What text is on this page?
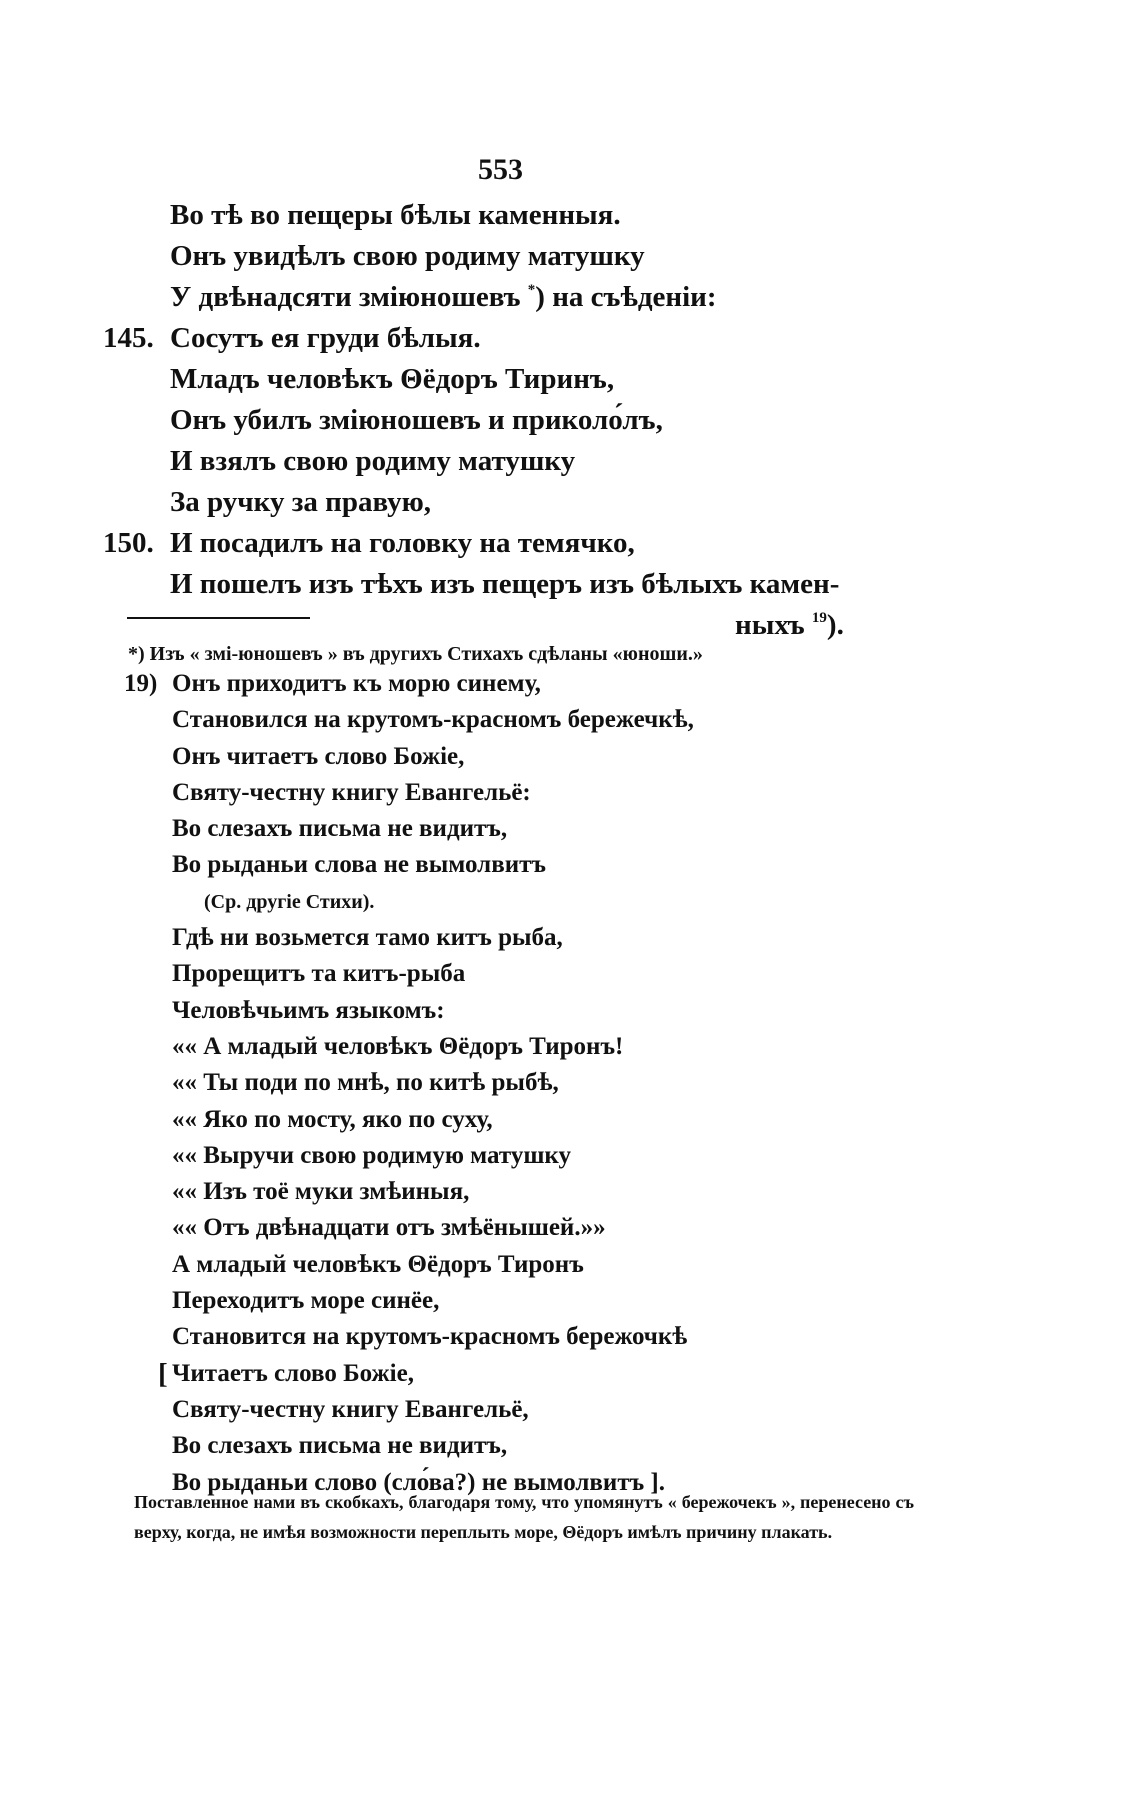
553
Во тѣ во пещеры бѣлы каменныя.
Онъ увидѣлъ свою родиму матушку
У двѣнадсяти змiюношевъ *) на съѣденiи:
145. Сосутъ ея груди бѣлыя.
Младъ человѣкъ Θёдоръ Тиринъ,
Онъ убилъ змiюношевъ и приколо́лъ,
И взялъ свою родиму матушку
За ручку за правую,
150. И посадилъ на головку на темячко,
И пошелъ изъ тѣхъ изъ пещеръ изъ бѣлыхъ камен-
ныхъ $^{19}$).
*) Изъ « змi-юношевъ » въ другихъ Стихахъ сдѣланы «юноши.»
19) Онъ приходитъ къ морю синему,
Становился на крутомъ-красномъ бережечкѣ,
Онъ читаетъ слово Божiе,
Святу-честну книгу Евангельё:
Во слезахъ письма не видитъ,
Во рыданьи слова не вымолвитъ
(Ср. другiе Стихи).
Гдѣ ни возьмется тамо китъ рыба,
Прорещитъ та китъ-рыба
Человѣчьимъ языкомъ:
«« А младый человѣкъ Θёдоръ Тиронъ!
«« Ты поди по мнѣ, по китѣ рыбѣ,
«« Яко по мосту, яко по суху,
«« Выручи свою родимую матушку
«« Изъ тоё муки змѣиныя,
«« Отъ двѣнадцати отъ змѣёнышей.»»
А младый человѣкъ Θёдоръ Тиронъ
Переходитъ море синёе,
Становится на крутомъ-красномъ бережочкѣ
[ Читаетъ слово Божiе,
Святу-честну книгу Евангельё,
Во слезахъ письма не видитъ,
Во рыданьи слово (сло́ва?) не вымолвитъ ].
Поставленное нами въ скобкахъ, благодаря тому, что упомянутъ « бережочекъ », перенесено съ верху, когда, не имѣя возможности переплыть море, Θёдоръ имѣлъ причину плакать.
